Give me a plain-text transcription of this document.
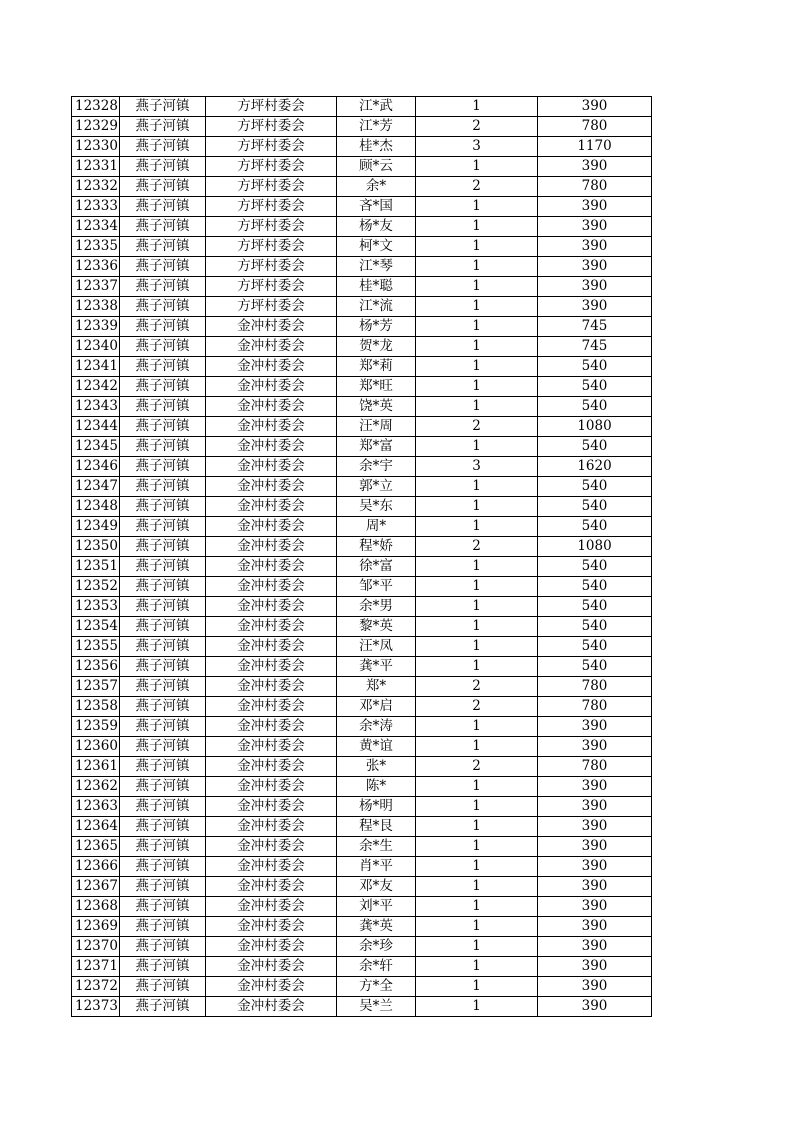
12328	燕子河镇	方坪村委会	江*武	1	390
12329	燕子河镇	方坪村委会	江*芳	2	780
12330	燕子河镇	方坪村委会	桂*杰	3	1170
12331	燕子河镇	方坪村委会	顾*云	1	390
12332	燕子河镇	方坪村委会	余*	2	780
12333	燕子河镇	方坪村委会	吝*国	1	390
12334	燕子河镇	方坪村委会	杨*友	1	390
12335	燕子河镇	方坪村委会	柯*文	1	390
12336	燕子河镇	方坪村委会	江*琴	1	390
12337	燕子河镇	方坪村委会	桂*聪	1	390
12338	燕子河镇	方坪村委会	江*流	1	390
12339	燕子河镇	金冲村委会	杨*芳	1	745
12340	燕子河镇	金冲村委会	贺*龙	1	745
12341	燕子河镇	金冲村委会	郑*莉	1	540
12342	燕子河镇	金冲村委会	郑*旺	1	540
12343	燕子河镇	金冲村委会	饶*英	1	540
12344	燕子河镇	金冲村委会	汪*周	2	1080
12345	燕子河镇	金冲村委会	郑*富	1	540
12346	燕子河镇	金冲村委会	余*宇	3	1620
12347	燕子河镇	金冲村委会	郭*立	1	540
12348	燕子河镇	金冲村委会	吴*东	1	540
12349	燕子河镇	金冲村委会	周*	1	540
12350	燕子河镇	金冲村委会	程*娇	2	1080
12351	燕子河镇	金冲村委会	徐*富	1	540
12352	燕子河镇	金冲村委会	邹*平	1	540
12353	燕子河镇	金冲村委会	余*男	1	540
12354	燕子河镇	金冲村委会	黎*英	1	540
12355	燕子河镇	金冲村委会	汪*凤	1	540
12356	燕子河镇	金冲村委会	龚*平	1	540
12357	燕子河镇	金冲村委会	郑*	2	780
12358	燕子河镇	金冲村委会	邓*启	2	780
12359	燕子河镇	金冲村委会	余*涛	1	390
12360	燕子河镇	金冲村委会	黄*谊	1	390
12361	燕子河镇	金冲村委会	张*	2	780
12362	燕子河镇	金冲村委会	陈*	1	390
12363	燕子河镇	金冲村委会	杨*明	1	390
12364	燕子河镇	金冲村委会	程*艮	1	390
12365	燕子河镇	金冲村委会	余*生	1	390
12366	燕子河镇	金冲村委会	肖*平	1	390
12367	燕子河镇	金冲村委会	邓*友	1	390
12368	燕子河镇	金冲村委会	刘*平	1	390
12369	燕子河镇	金冲村委会	龚*英	1	390
12370	燕子河镇	金冲村委会	余*珍	1	390
12371	燕子河镇	金冲村委会	余*轩	1	390
12372	燕子河镇	金冲村委会	方*全	1	390
12373	燕子河镇	金冲村委会	吴*兰	1	390
